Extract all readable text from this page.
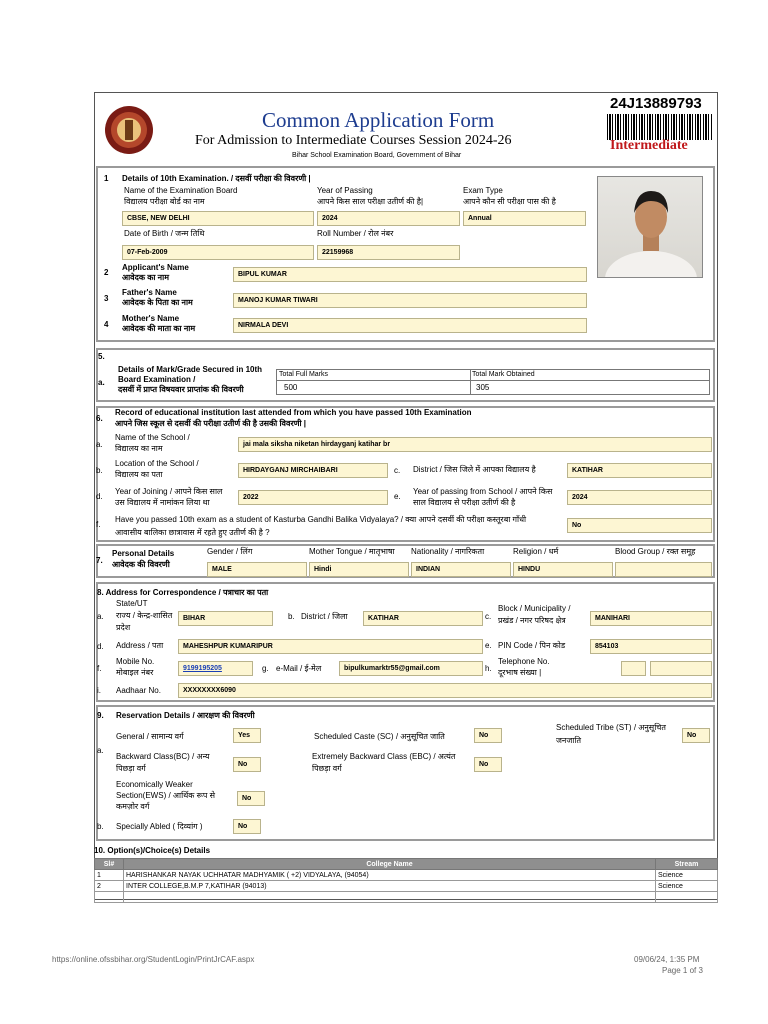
Common Application Form
For Admission to Intermediate Courses Session 2024-26
Bihar School Examination Board, Government of Bihar
24J13889793
Intermediate
1 Details of 10th Examination. / दसवीं परीक्षा की विवरणी |
Name of the Examination Board
विद्यालय परीक्षा बोर्ड का नाम
CBSE, NEW DELHI
Year of Passing
आपने किस साल परीक्षा उतीर्ण की है|
2024
Exam Type
आपने कौन सी परीक्षा पास की है
Annual
Date of Birth / जन्म तिथि
07-Feb-2009
Roll Number / रोल नंबर
22159968
2
Applicant's Name
आवेदक का नाम	BIPUL KUMAR
3
Father's Name
आवेदक के पिता का नाम	MANOJ KUMAR TIWARI
4
Mother's Name
आवेदक की माता का नाम	NIRMALA DEVI
5.
a.
Details of Mark/Grade Secured in 10th
Board Examination /
दसवीं में प्राप्त विषयवार प्राप्तांक की विवरणी
Total Full Marks
500
Total Mark Obtained
305
6.
Record of educational institution last attended from which you have passed 10th Examination
आपने जिस स्कूल से दसवीं की परीक्षा उतीर्ण की है उसकी विवरणी |
a.
Name of the School /
विद्यालय का नाम	jai mala siksha niketan hirdayganj katihar br
b.
Location of the School /
विद्यालय का पता	HIRDAYGANJ MIRCHAIBARI	c. District / जिस जिले में आपका विद्यालय है	KATIHAR
d.
Year of Joining / आपने किस साल
उस विद्यालय में नामांकन लिया था
2022	e.
Year of passing from School / आपने किस
साल विद्यालय से परीक्षा उतीर्ण की है
2024
f.
Have you passed 10th exam as a student of Kasturba Gandhi Balika Vidyalaya? / क्या आपने दसवीं की परीक्षा कस्तूरबा गाँधी
आवासीय बालिका छात्रावास में रहते हुए उतीर्ण की है ?
No
7.
Personal Details
आवेदक की विवरणी
Gender / लिंग
MALE
Mother Tongue / मातृभाषा
Hindi
Nationality / नागरिकता
INDIAN
Religion / धर्म
HINDU
Blood Group / रक्त समूह
8. Address for Correspondence / पत्राचार का पता
a.
State/UT
राज्य / केन्द्र-शासित
प्रदेश
BIHAR	b. District / जिला	KATIHAR	c.
Block / Municipality /
प्रखंड / नगर परिषद क्षेत्र	MANIHARI
d. Address / पता	MAHESHPUR KUMARIPUR	e. PIN Code / पिन कोड	854103
f.
Mobile No.
मोबाइल नंबर	9199195205	g. e-Mail / ई-मेल	bipulkumarktr55@gmail.com	h.
Telephone No.
दूरभाष संख्या |
i. Aadhaar No.	XXXXXXXX6090
9. Reservation Details / आरक्षण की विवरणी
a.
General / सामान्य वर्ग	Yes	Scheduled Caste (SC) / अनुसूचित जाति	No
Scheduled Tribe (ST) / अनुसूचित
जनजाति
No
Backward Class(BC) / अन्य
पिछड़ा वर्ग	No
Extremely Backward Class (EBC) / अत्यंत
पिछड़ा वर्ग	No
Economically Weaker
Section(EWS) / आर्थिक रूप से
कमज़ोर वर्ग
No
b. Specially Abled ( दिव्यांग )	No
10. Option(s)/Choice(s) Details
Sl#	College Name	Stream
1	HARISHANKAR NAYAK UCHHATAR MADHYAMIK ( +2) VIDYALAYA, (94054)	Science
2	INTER COLLEGE,B.M.P 7,KATIHAR (94013)	Science

https://online.ofssbihar.org/StudentLogin/PrintJrCAF.aspx	09/06/24, 1:35 PM
Page 1 of 3
